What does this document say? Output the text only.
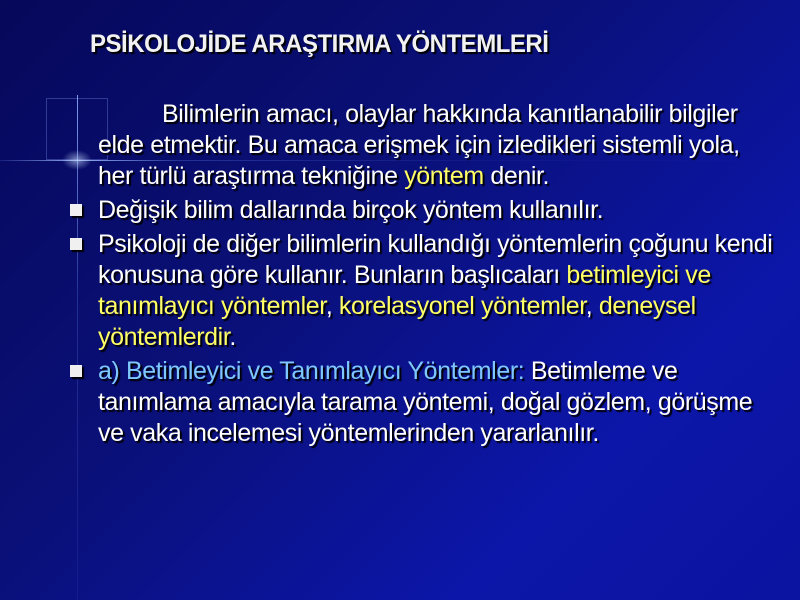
PSİKOLOJİDE ARAŞTIRMA YÖNTEMLERİ
Bilimlerin amacı, olaylar hakkında kanıtlanabilir bilgiler elde etmektir. Bu amaca erişmek için izledikleri sistemli yola, her türlü araştırma tekniğine yöntem denir.
Değişik bilim dallarında birçok yöntem kullanılır.
Psikoloji de diğer bilimlerin kullandığı yöntemlerin çoğunu kendi konusuna göre kullanır. Bunların başlıcaları betimleyici ve tanımlayıcı yöntemler, korelasyonel yöntemler, deneysel yöntemlerdir.
a) Betimleyici ve Tanımlayıcı Yöntemler: Betimleme ve tanımlama amacıyla tarama yöntemi, doğal gözlem, görüşme ve vaka incelemesi yöntemlerinden yararlanılır.
